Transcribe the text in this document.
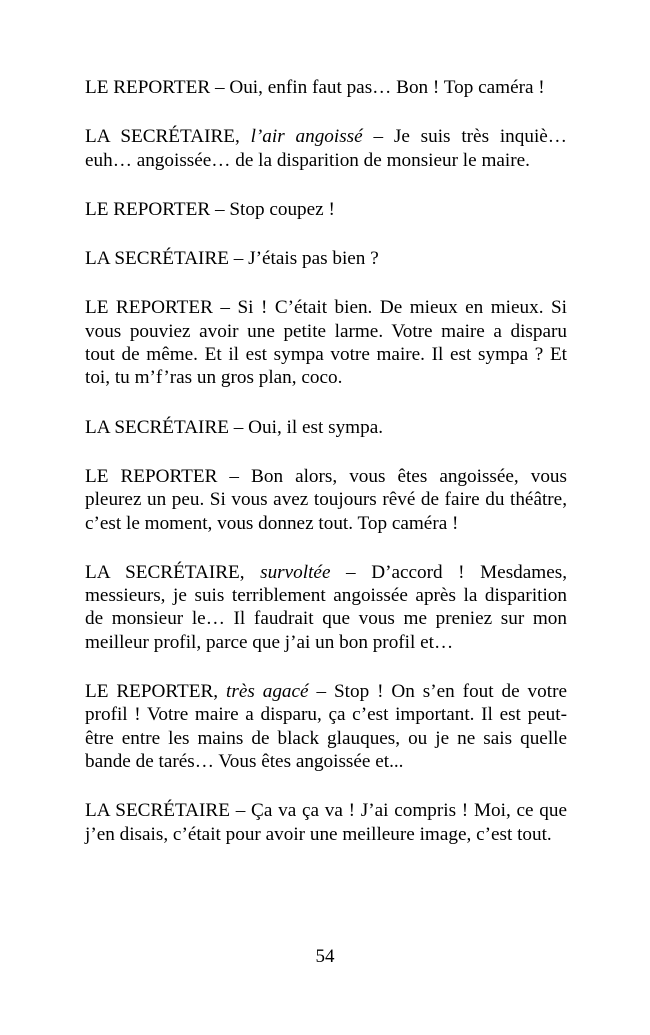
LE REPORTER – Oui, enfin faut pas… Bon ! Top caméra !

LA SECRÉTAIRE, l’air angoissé – Je suis très inquiè… euh… angoissée… de la disparition de monsieur le maire.

LE REPORTER – Stop coupez !

LA SECRÉTAIRE – J’étais pas bien ?

LE REPORTER – Si ! C’était bien. De mieux en mieux. Si vous pouviez avoir une petite larme. Votre maire a disparu tout de même. Et il est sympa votre maire. Il est sympa ? Et toi, tu m’f’ras un gros plan, coco.

LA SECRÉTAIRE – Oui, il est sympa.

LE REPORTER – Bon alors, vous êtes angoissée, vous pleurez un peu. Si vous avez toujours rêvé de faire du théâtre, c’est le moment, vous donnez tout. Top caméra !

LA SECRÉTAIRE, survoltée – D’accord ! Mesdames, messieurs, je suis terriblement angoissée après la disparition de monsieur le… Il faudrait que vous me preniez sur mon meilleur profil, parce que j’ai un bon profil et…

LE REPORTER, très agacé – Stop ! On s’en fout de votre profil ! Votre maire a disparu, ça c’est important. Il est peut-être entre les mains de black glauques, ou je ne sais quelle bande de tarés… Vous êtes angoissée et...

LA SECRÉTAIRE – Ça va ça va ! J’ai compris ! Moi, ce que j’en disais, c’était pour avoir une meilleure image, c’est tout.

54
